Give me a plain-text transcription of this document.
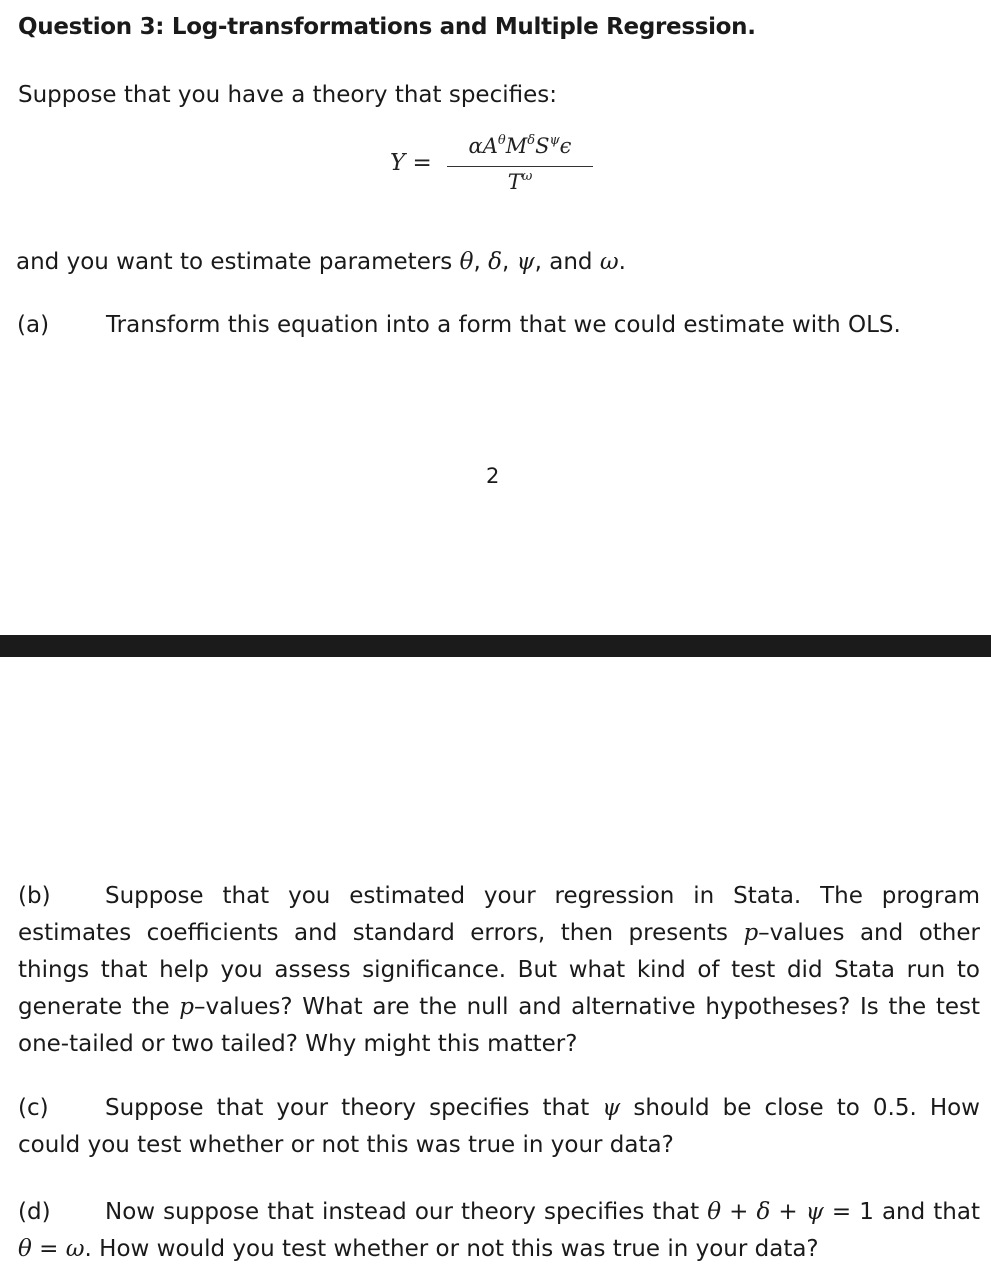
Question 3: Log-transformations and Multiple Regression.
Suppose that you have a theory that specifies:
Y =
$\alpha A^\theta M^\delta S^\psi\epsilon$
$T^\omega$
and you want to estimate parameters θ, δ, ψ, and ω.
(a) Transform this equation into a form that we could estimate with OLS.
2
(b) Suppose that you estimated your regression in Stata. The program estimates coefficients and standard errors, then presents p–values and other things that help you assess significance. But what kind of test did Stata run to generate the p–values? What are the null and alternative hypotheses? Is the test one-tailed or two tailed? Why might this matter?
(c) Suppose that your theory specifies that ψ should be close to 0.5. How could you test whether or not this was true in your data?
(d) Now suppose that instead our theory specifies that θ + δ + ψ = 1 and that θ = ω. How would you test whether or not this was true in your data?
